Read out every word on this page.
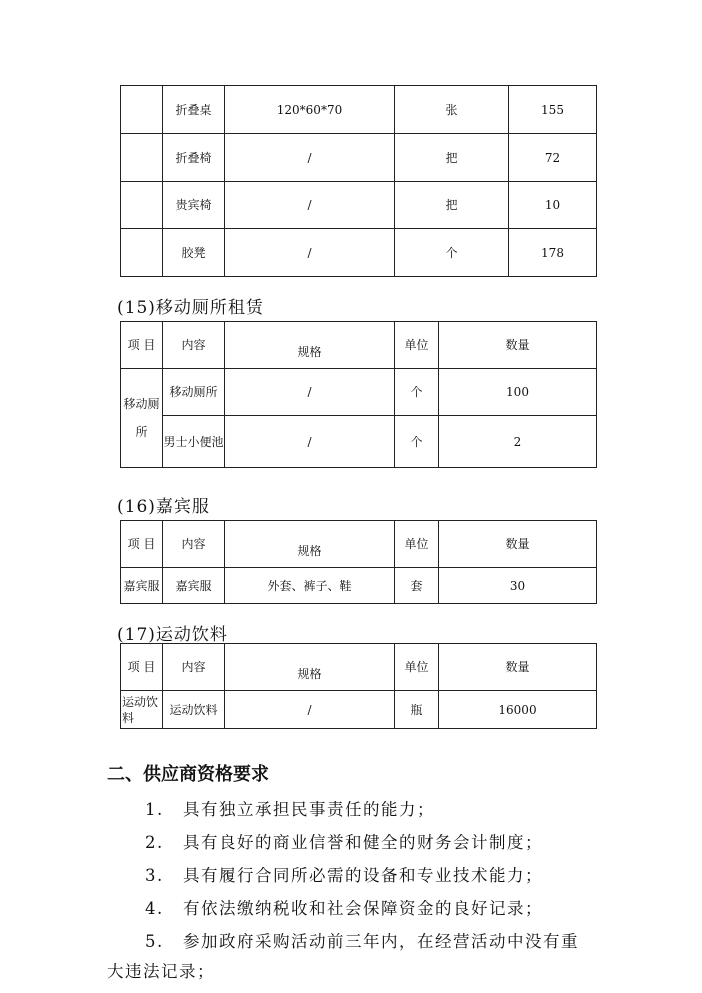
	折叠桌	120*60*70	张	155
	折叠椅	/	把	72
	贵宾椅	/	把	10
	胶凳	/	个	178
(15)移动厕所租赁
项 目	内容	规格	单位	数量
移动厕所	移动厕所	/	个	100
	男士小便池	/	个	2
(16)嘉宾服
项 目	内容	规格	单位	数量
嘉宾服	嘉宾服	外套、裤子、鞋	套	30
(17)运动饮料
项 目	内容	规格	单位	数量
运动饮料	运动饮料	/	瓶	16000
二、供应商资格要求
1. 具有独立承担民事责任的能力；
2. 具有良好的商业信誉和健全的财务会计制度；
3. 具有履行合同所必需的设备和专业技术能力；
4. 有依法缴纳税收和社会保障资金的良好记录；
5. 参加政府采购活动前三年内，在经营活动中没有重
大违法记录；
